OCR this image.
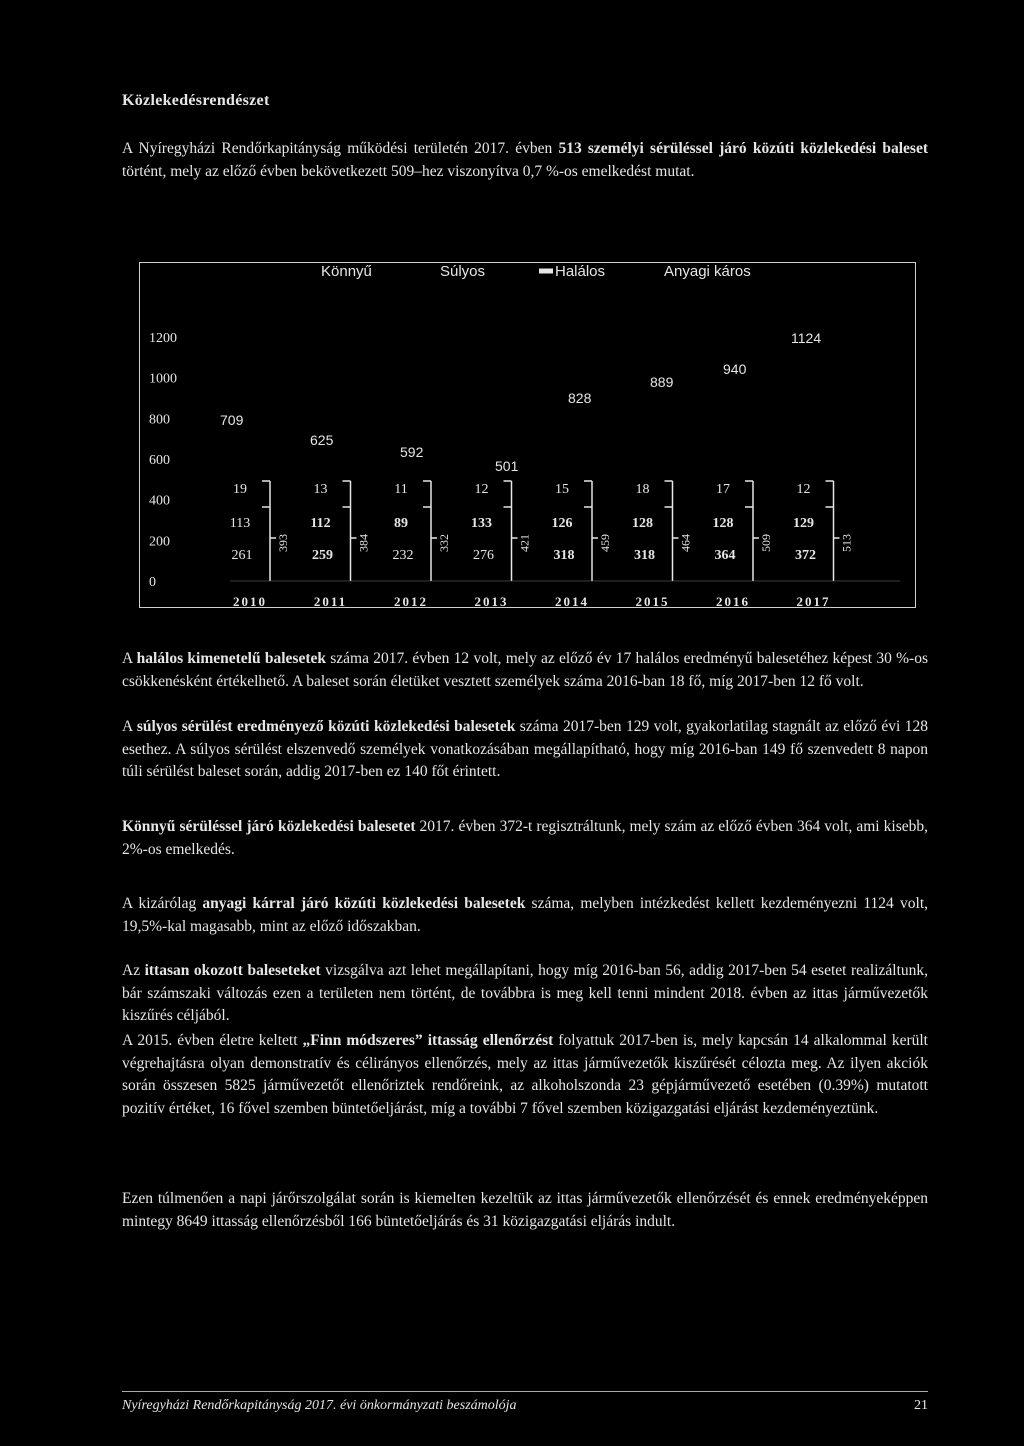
Közlekedésrendészet

A Nyíregyházi Rendőrkapitányság működési területén 2017. évben 513 személyi sérüléssel járó közúti közlekedési baleset történt, mely az előző évben bekövetkezett 509–hez viszonyítva 0,7 %-os emelkedést mutat.

Könnyű	Súlyos	Halálos	Anyagi káros
1200
1000
800
600
400
200
0
2010
19
113
261
393
709
2011
13
112
259
384
625
2012
11
89
232
332
592
2013
12
133
276
421
501
2014
15
126
318
459
828
2015
18
128
318
464
889
2016
17
128
364
509
940
2017
12
129
372
513
1124

A halálos kimenetelű balesetek száma 2017. évben 12 volt, mely az előző év 17 halálos eredményű balesetéhez képest 30 %-os csökkenésként értékelhető. A baleset során életüket vesztett személyek száma 2016-ban 18 fő, míg 2017-ben 12 fő volt.

A súlyos sérülést eredményező közúti közlekedési balesetek száma 2017-ben 129 volt, gyakorlatilag stagnált az előző évi 128 esethez. A súlyos sérülést elszenvedő személyek vonatkozásában megállapítható, hogy míg 2016-ban 149 fő szenvedett 8 napon túli sérülést baleset során, addig 2017-ben ez 140 főt érintett.

Könnyű sérüléssel járó közlekedési balesetet 2017. évben 372-t regisztráltunk, mely szám az előző évben 364 volt, ami kisebb, 2%-os emelkedés.

A kizárólag anyagi kárral járó közúti közlekedési balesetek száma, melyben intézkedést kellett kezdeményezni 1124 volt, 19,5%-kal magasabb, mint az előző időszakban.

Az ittasan okozott baleseteket vizsgálva azt lehet megállapítani, hogy míg 2016-ban 56, addig 2017-ben 54 esetet realizáltunk, bár számszaki változás ezen a területen nem történt, de továbbra is meg kell tenni mindent 2018. évben az ittas járművezetők kiszűrés céljából.

A 2015. évben életre keltett „Finn módszeres” ittasság ellenőrzést folyattuk 2017-ben is, mely kapcsán 14 alkalommal került végrehajtásra olyan demonstratív és célirányos ellenőrzés, mely az ittas járművezetők kiszűrését célozta meg. Az ilyen akciók során összesen 5825 járművezetőt ellenőriztek rendőreink, az alkoholszonda 23 gépjárművezető esetében (0.39%) mutatott pozitív értéket, 16 fővel szemben büntetőeljárást, míg a további 7 fővel szemben közigazgatási eljárást kezdeményeztünk.

Ezen túlmenően a napi járőrszolgálat során is kiemelten kezeltük az ittas járművezetők ellenőrzését és ennek eredményeképpen mintegy 8649 ittasság ellenőrzésből 166 büntetőeljárás és 31 közigazgatási eljárás indult.

Nyíregyházi Rendőrkapitányság 2017. évi önkormányzati beszámolója	21
